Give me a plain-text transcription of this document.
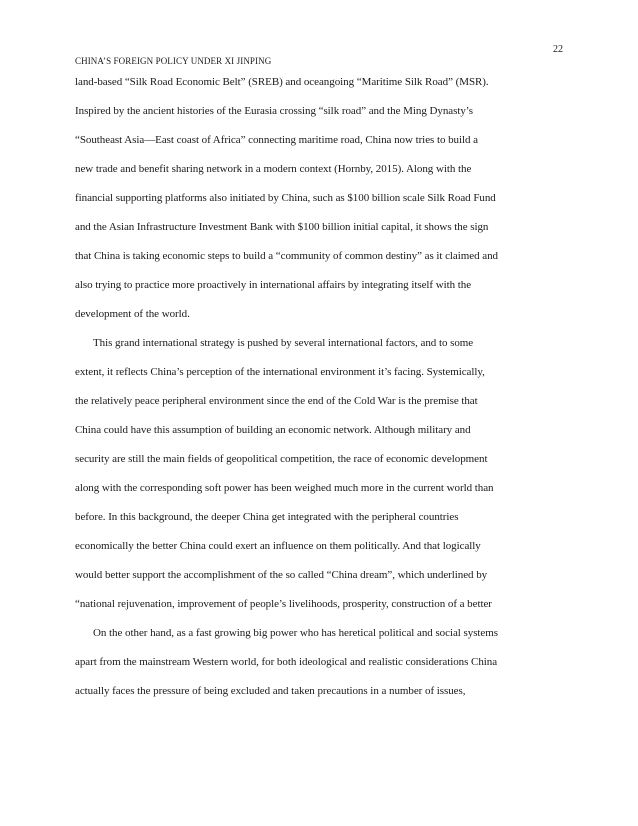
22
CHINA’S FOREIGN POLICY UNDER XI JINPING
land-based “Silk Road Economic Belt” (SREB) and oceangoing “Maritime Silk Road” (MSR).
Inspired by the ancient histories of the Eurasia crossing “silk road” and the Ming Dynasty’s
“Southeast Asia—East coast of Africa” connecting maritime road, China now tries to build a
new trade and benefit sharing network in a modern context (Hornby, 2015). Along with the
financial supporting platforms also initiated by China, such as $100 billion scale Silk Road Fund
and the Asian Infrastructure Investment Bank with $100 billion initial capital, it shows the sign
that China is taking economic steps to build a “community of common destiny” as it claimed and
also trying to practice more proactively in international affairs by integrating itself with the
development of the world.
This grand international strategy is pushed by several international factors, and to some
extent, it reflects China’s perception of the international environment it’s facing. Systemically,
the relatively peace peripheral environment since the end of the Cold War is the premise that
China could have this assumption of building an economic network. Although military and
security are still the main fields of geopolitical competition, the race of economic development
along with the corresponding soft power has been weighed much more in the current world than
before. In this background, the deeper China get integrated with the peripheral countries
economically the better China could exert an influence on them politically. And that logically
would better support the accomplishment of the so called “China dream”, which underlined by
“national rejuvenation, improvement of people’s livelihoods, prosperity, construction of a better
On the other hand, as a fast growing big power who has heretical political and social systems
apart from the mainstream Western world, for both ideological and realistic considerations China
actually faces the pressure of being excluded and taken precautions in a number of issues,
